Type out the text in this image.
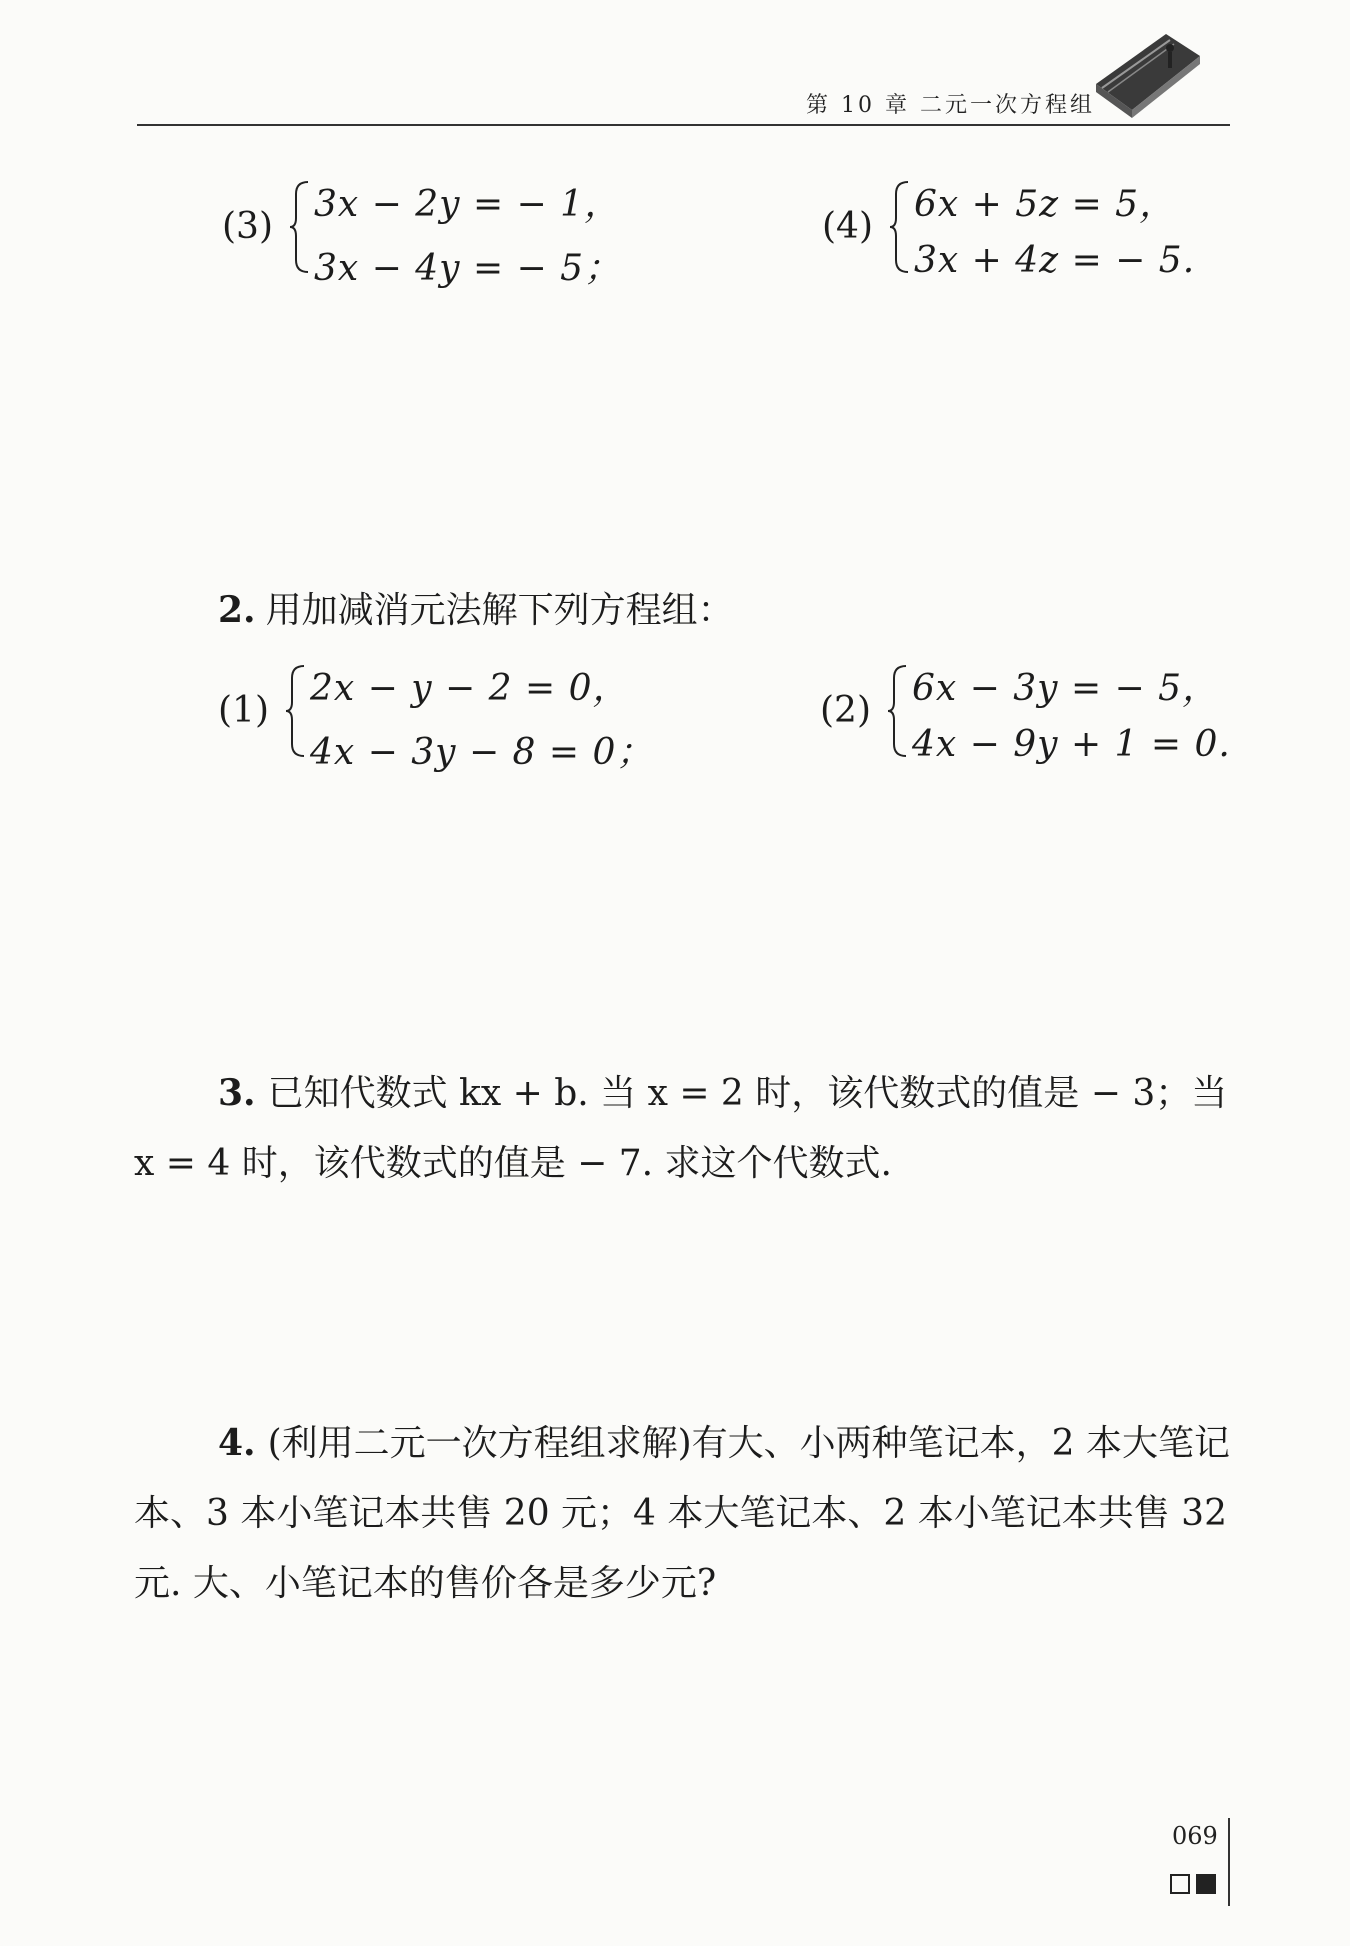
第 10 章 二元一次方程组
(3)
3x − 2y = − 1，
3x − 4y = − 5；
(4)
6x + 5z = 5，
3x + 4z = − 5.
2. 用加减消元法解下列方程组：
(1)
2x − y − 2 = 0，
4x − 3y − 8 = 0；
(2)
6x − 3y = − 5，
4x − 9y + 1 = 0.
3. 已知代数式 kx + b. 当 x = 2 时，该代数式的值是 − 3；当 x = 4 时，该代数式的值是 − 7. 求这个代数式.
4. (利用二元一次方程组求解)有大、小两种笔记本，2 本大笔记本、3 本小笔记本共售 20 元；4 本大笔记本、2 本小笔记本共售 32 元. 大、小笔记本的售价各是多少元?
069
